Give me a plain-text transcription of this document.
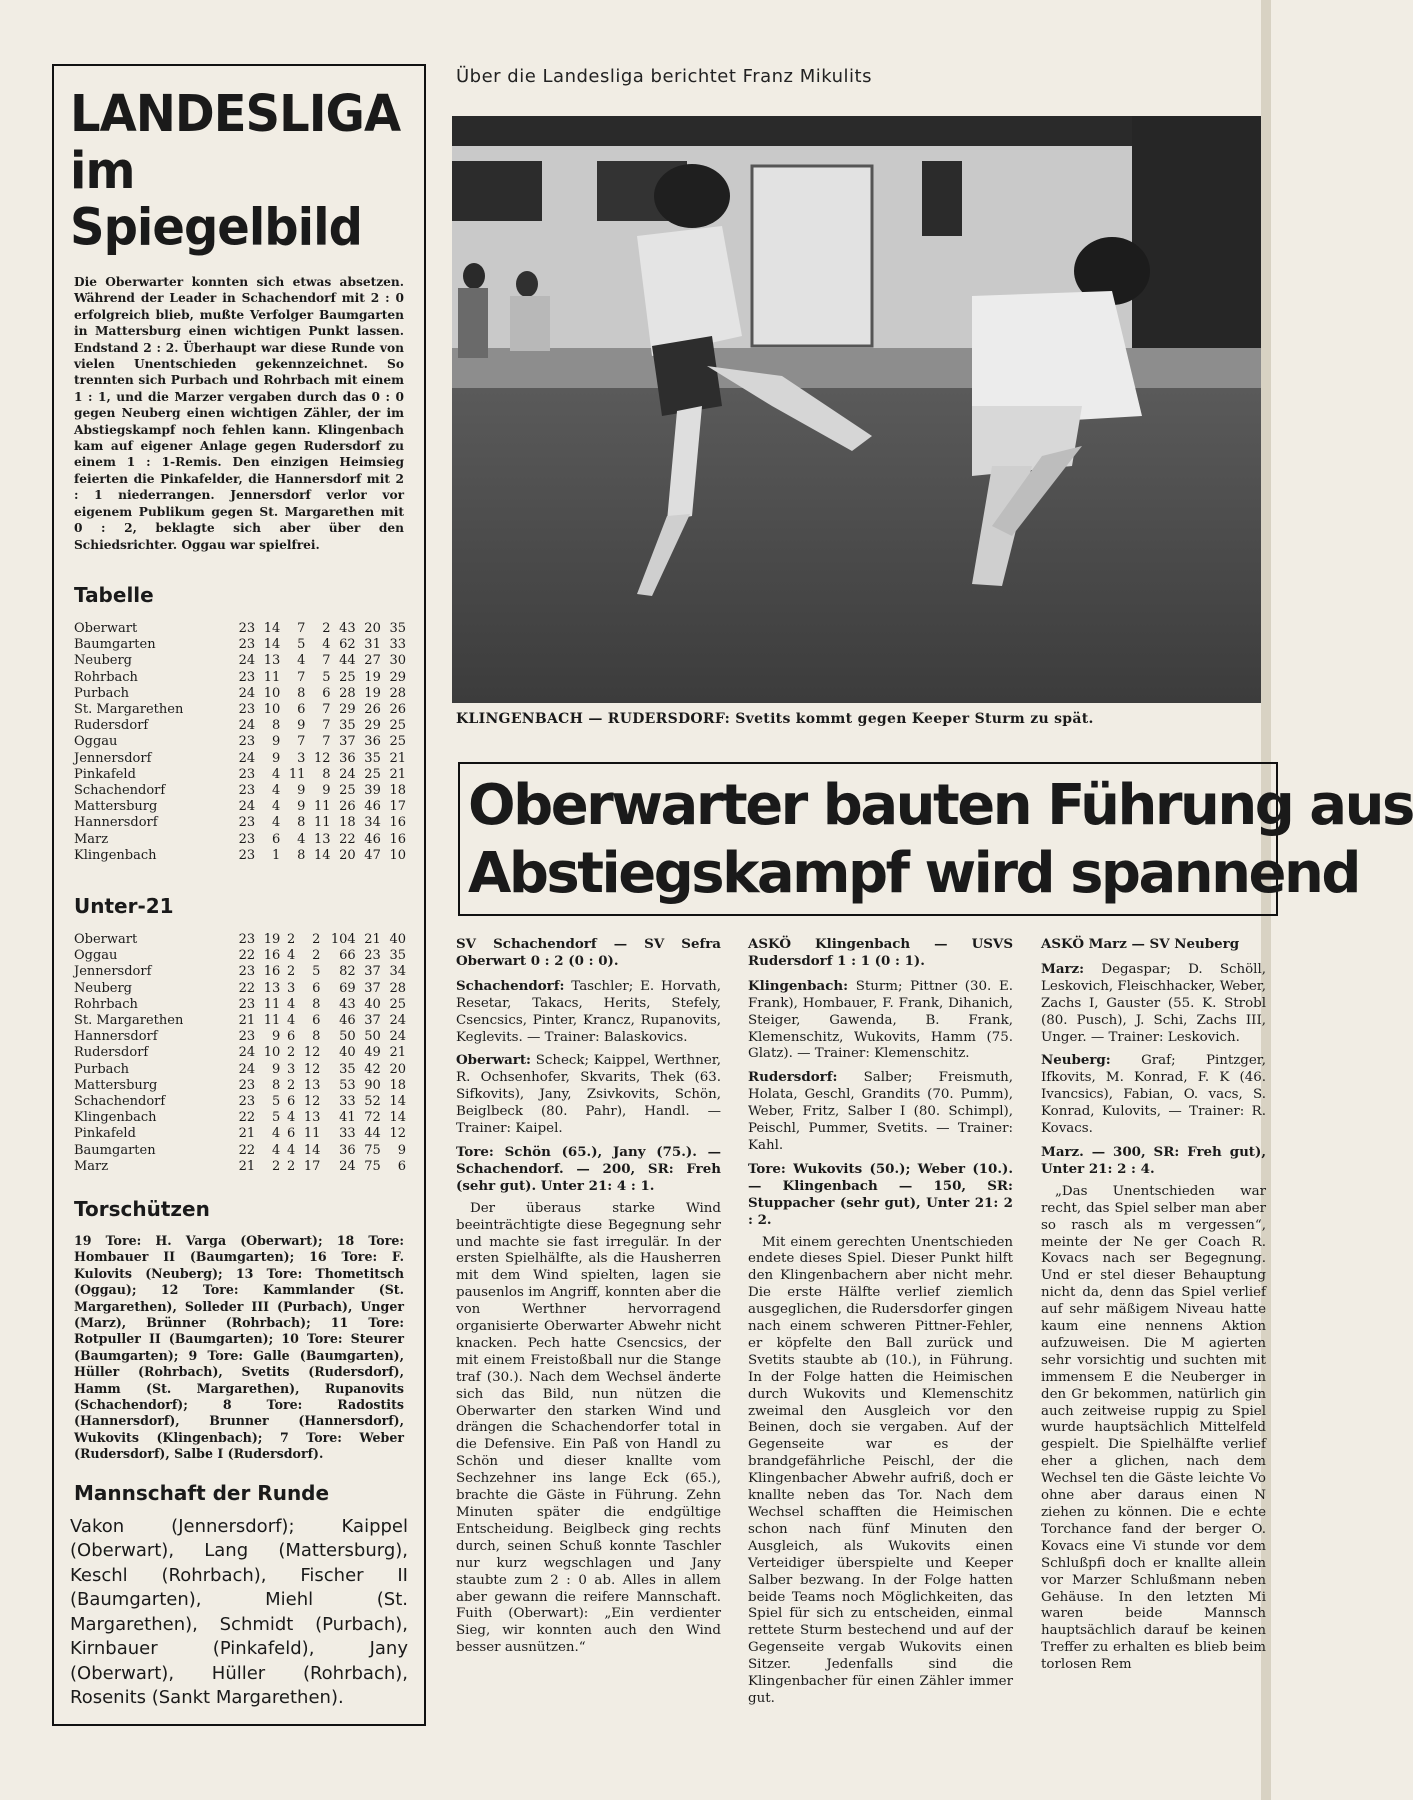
LANDESLIGA
im Spiegelbild
Die Oberwarter konnten sich etwas absetzen. Während der Leader in Schachendorf mit 2 : 0 erfolgreich blieb, mußte Verfolger Baumgarten in Mattersburg einen wichtigen Punkt lassen. Endstand 2 : 2. Überhaupt war diese Runde von vielen Unentschieden gekennzeichnet. So trennten sich Purbach und Rohrbach mit einem 1 : 1, und die Marzer vergaben durch das 0 : 0 gegen Neuberg einen wichtigen Zähler, der im Abstiegskampf noch fehlen kann. Klingenbach kam auf eigener Anlage gegen Rudersdorf zu einem 1 : 1-Remis. Den einzigen Heimsieg feierten die Pinkafelder, die Hannersdorf mit 2 : 1 niederrangen. Jennersdorf verlor vor eigenem Publikum gegen St. Margarethen mit 0 : 2, beklagte sich aber über den Schiedsrichter. Oggau war spielfrei.
Tabelle
Oberwart	23	14	7	2	43	20	35
Baumgarten	23	14	5	4	62	31	33
Neuberg	24	13	4	7	44	27	30
Rohrbach	23	11	7	5	25	19	29
Purbach	24	10	8	6	28	19	28
St. Margarethen	23	10	6	7	29	26	26
Rudersdorf	24	8	9	7	35	29	25
Oggau	23	9	7	7	37	36	25
Jennersdorf	24	9	3	12	36	35	21
Pinkafeld	23	4	11	8	24	25	21
Schachendorf	23	4	9	9	25	39	18
Mattersburg	24	4	9	11	26	46	17
Hannersdorf	23	4	8	11	18	34	16
Marz	23	6	4	13	22	46	16
Klingenbach	23	1	8	14	20	47	10
Unter-21
Oberwart	23	19	2	2	104	21	40
Oggau	22	16	4	2	66	23	35
Jennersdorf	23	16	2	5	82	37	34
Neuberg	22	13	3	6	69	37	28
Rohrbach	23	11	4	8	43	40	25
St. Margarethen	21	11	4	6	46	37	24
Hannersdorf	23	9	6	8	50	50	24
Rudersdorf	24	10	2	12	40	49	21
Purbach	24	9	3	12	35	42	20
Mattersburg	23	8	2	13	53	90	18
Schachendorf	23	5	6	12	33	52	14
Klingenbach	22	5	4	13	41	72	14
Pinkafeld	21	4	6	11	33	44	12
Baumgarten	22	4	4	14	36	75	9
Marz	21	2	2	17	24	75	6
Torschützen
19 Tore: H. Varga (Oberwart); 18 Tore: Hombauer II (Baumgarten); 16 Tore: F. Kulovits (Neuberg); 13 Tore: Thometitsch (Oggau); 12 Tore: Kammlander (St. Margarethen), Solleder III (Purbach), Unger (Marz), Brünner (Rohrbach); 11 Tore: Rotpuller II (Baumgarten); 10 Tore: Steurer (Baumgarten); 9 Tore: Galle (Baumgarten), Hüller (Rohrbach), Svetits (Rudersdorf), Hamm (St. Margarethen), Rupanovits (Schachendorf); 8 Tore: Radostits (Hannersdorf), Brunner (Hannersdorf), Wukovits (Klingenbach); 7 Tore: Weber (Rudersdorf), Salbe I (Rudersdorf).
Mannschaft der Runde
Vakon (Jennersdorf); Kaippel (Oberwart), Lang (Mattersburg), Keschl (Rohrbach), Fischer II (Baumgarten), Miehl (St. Margarethen), Schmidt (Purbach), Kirnbauer (Pinkafeld), Jany (Oberwart), Hüller (Rohrbach), Rosenits (Sankt Margarethen).
Über die Landesliga berichtet Franz Mikulits
KLINGENBACH — RUDERSDORF: Svetits kommt gegen Keeper Sturm zu spät.
Oberwarter bauten Führung aus
Abstiegskampf wird spannend

SV Schachendorf — SV Sefra Oberwart 0 : 2 (0 : 0).

Schachendorf: Taschler; E. Horvath, Resetar, Takacs, Herits, Stefely, Csencsics, Pinter, Krancz, Rupanovits, Keglevits. — Trainer: Balaskovics.

Oberwart: Scheck; Kaippel, Werthner, R. Ochsenhofer, Skvarits, Thek (63. Sifkovits), Jany, Zsivkovits, Schön, Beiglbeck (80. Pahr), Handl. — Trainer: Kaipel.

Tore: Schön (65.), Jany (75.). — Schachendorf. — 200, SR: Freh (sehr gut). Unter 21: 4 : 1.

Der überaus starke Wind beeinträchtigte diese Begegnung sehr und machte sie fast irregulär. In der ersten Spielhälfte, als die Hausherren mit dem Wind spielten, lagen sie pausenlos im Angriff, konnten aber die von Werthner hervorragend organisierte Oberwarter Abwehr nicht knacken. Pech hatte Csencsics, der mit einem Freistoßball nur die Stange traf (30.). Nach dem Wechsel änderte sich das Bild, nun nützen die Oberwarter den starken Wind und drängen die Schachendorfer total in die Defensive. Ein Paß von Handl zu Schön und dieser knallte vom Sechzehner ins lange Eck (65.), brachte die Gäste in Führung. Zehn Minuten später die endgültige Entscheidung. Beiglbeck ging rechts durch, seinen Schuß konnte Taschler nur kurz wegschlagen und Jany staubte zum 2 : 0 ab. Alles in allem aber gewann die reifere Mannschaft. Fuith (Oberwart): „Ein verdienter Sieg, wir konnten auch den Wind besser ausnützen.“

ASKÖ Klingenbach — USVS Rudersdorf 1 : 1 (0 : 1).

Klingenbach: Sturm; Pittner (30. E. Frank), Hombauer, F. Frank, Dihanich, Steiger, Gawenda, B. Frank, Klemenschitz, Wukovits, Hamm (75. Glatz). — Trainer: Klemenschitz.

Rudersdorf: Salber; Freismuth, Holata, Geschl, Grandits (70. Pumm), Weber, Fritz, Salber I (80. Schimpl), Peischl, Pummer, Svetits. — Trainer: Kahl.

Tore: Wukovits (50.); Weber (10.). — Klingenbach — 150, SR: Stuppacher (sehr gut), Unter 21: 2 : 2.

Mit einem gerechten Unentschieden endete dieses Spiel. Dieser Punkt hilft den Klingenbachern aber nicht mehr. Die erste Hälfte verlief ziemlich ausgeglichen, die Rudersdorfer gingen nach einem schweren Pittner-Fehler, er köpfelte den Ball zurück und Svetits staubte ab (10.), in Führung. In der Folge hatten die Heimischen durch Wukovits und Klemenschitz zweimal den Ausgleich vor den Beinen, doch sie vergaben. Auf der Gegenseite war es der brandgefährliche Peischl, der die Klingenbacher Abwehr aufriß, doch er knallte neben das Tor. Nach dem Wechsel schafften die Heimischen schon nach fünf Minuten den Ausgleich, als Wukovits einen Verteidiger überspielte und Keeper Salber bezwang. In der Folge hatten beide Teams noch Möglichkeiten, das Spiel für sich zu entscheiden, einmal rettete Sturm bestechend und auf der Gegenseite vergab Wukovits einen Sitzer. Jedenfalls sind die Klingenbacher für einen Zähler immer gut.

ASKÖ Marz — SV Neuberg

Marz: Degaspar; D. Schöll, Leskovich, Fleischhacker, Weber, Zachs I, Gauster (55. K. Strobl (80. Pusch), J. Schi, Zachs III, Unger. — Trainer: Leskovich.

Neuberg: Graf; Pintzger, Ifkovits, M. Konrad, F. K (46. Ivancsics), Fabian, O. vacs, S. Konrad, Kulovits, — Trainer: R. Kovacs.

Marz. — 300, SR: Freh gut), Unter 21: 2 : 4.

„Das Unentschieden war recht, das Spiel selber man aber so rasch als m vergessen“, meinte der Ne ger Coach R. Kovacs nach ser Begegnung. Und er stel dieser Behauptung nicht da, denn das Spiel verlief auf sehr mäßigem Niveau hatte kaum eine nennens Aktion aufzuweisen. Die M agierten sehr vorsichtig und suchten mit immensem E die Neuberger in den Gr bekommen, natürlich gin auch zeitweise ruppig zu Spiel wurde hauptsächlich Mittelfeld gespielt. Die Spielhälfte verlief eher a glichen, nach dem Wechsel ten die Gäste leichte Vo ohne aber daraus einen N ziehen zu können. Die e echte Torchance fand der berger O. Kovacs eine Vi stunde vor dem Schlußpfi doch er knallte allein vor Marzer Schlußmann neben Gehäuse. In den letzten Mi waren beide Mannsch hauptsächlich darauf be keinen Treffer zu erhalten es blieb beim torlosen Rem
